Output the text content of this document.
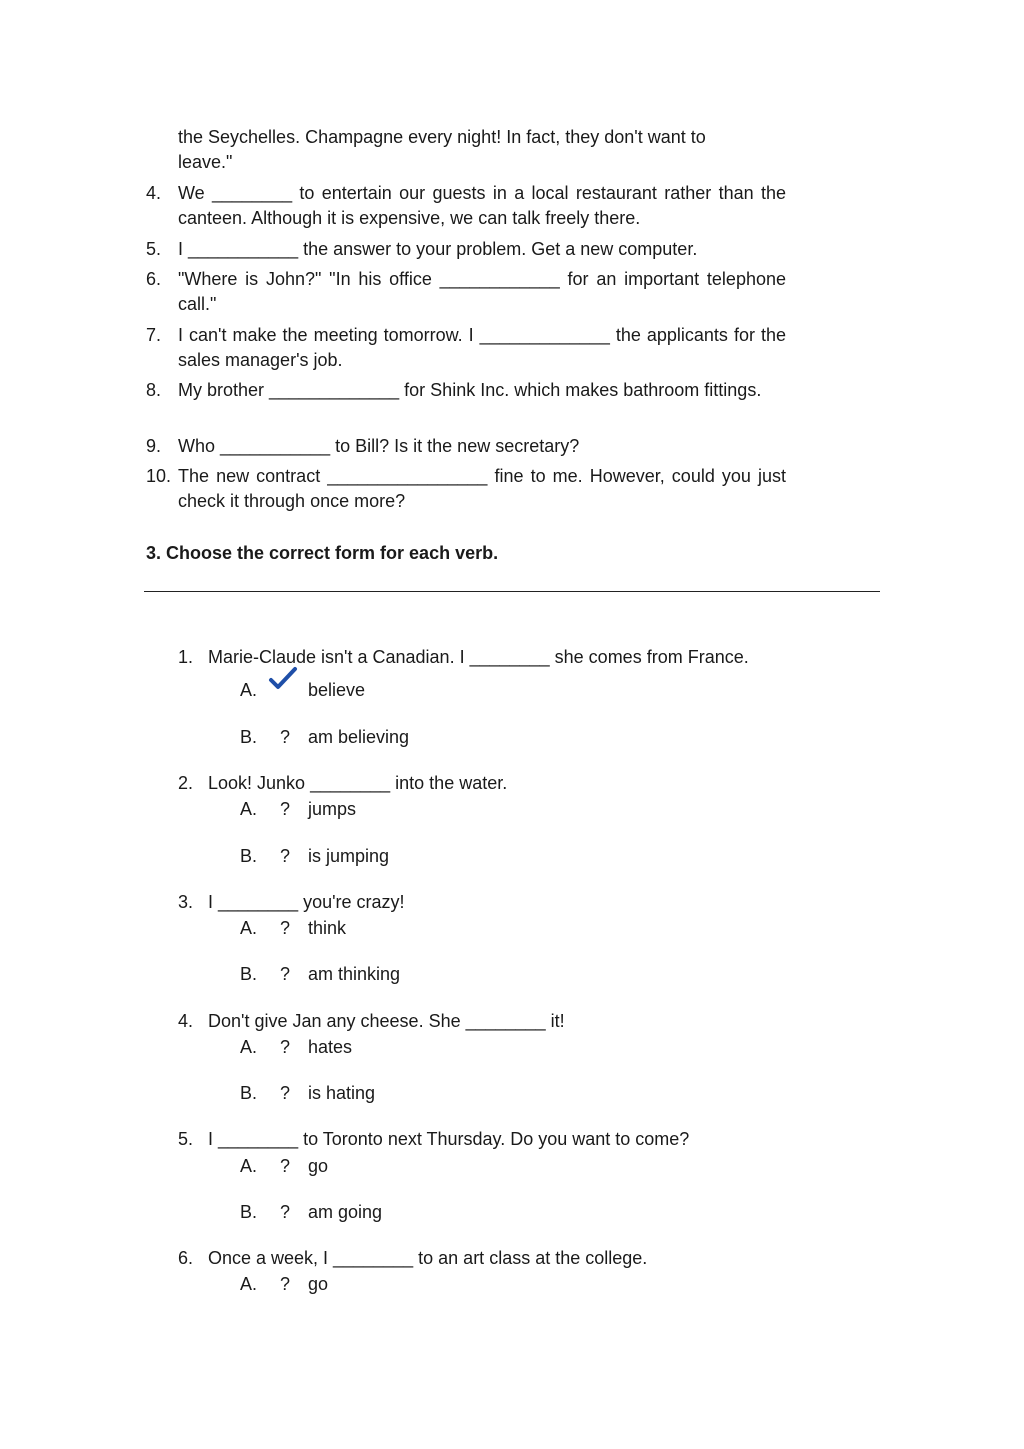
the Seychelles. Champagne every night! In fact, they don't want to
leave."
4. We ________ to entertain our guests in a local restaurant rather than the canteen. Although it is expensive, we can talk freely there.
5. I ___________ the answer to your problem. Get a new computer.
6. "Where is John?" "In his office ____________ for an important telephone call."
7. I can't make the meeting tomorrow. I _____________ the applicants for the sales manager's job.
8. My brother _____________ for Shink Inc. which makes bathroom fittings.
9. Who ___________ to Bill? Is it the new secretary?
10. The new contract ________________ fine to me. However, could you just check it through once more?
3. Choose the correct form for each verb.
1. Marie-Claude isn't a Canadian. I ________ she comes from France.
A.	believe
B. ? am believing
2. Look! Junko ________ into the water.
A. ? jumps
B. ? is jumping
3. I ________ you're crazy!
A. ? think
B. ? am thinking
4. Don't give Jan any cheese. She ________ it!
A. ? hates
B. ? is hating
5. I ________ to Toronto next Thursday. Do you want to come?
A. ? go
B. ? am going
6. Once a week, I ________ to an art class at the college.
A. ? go
